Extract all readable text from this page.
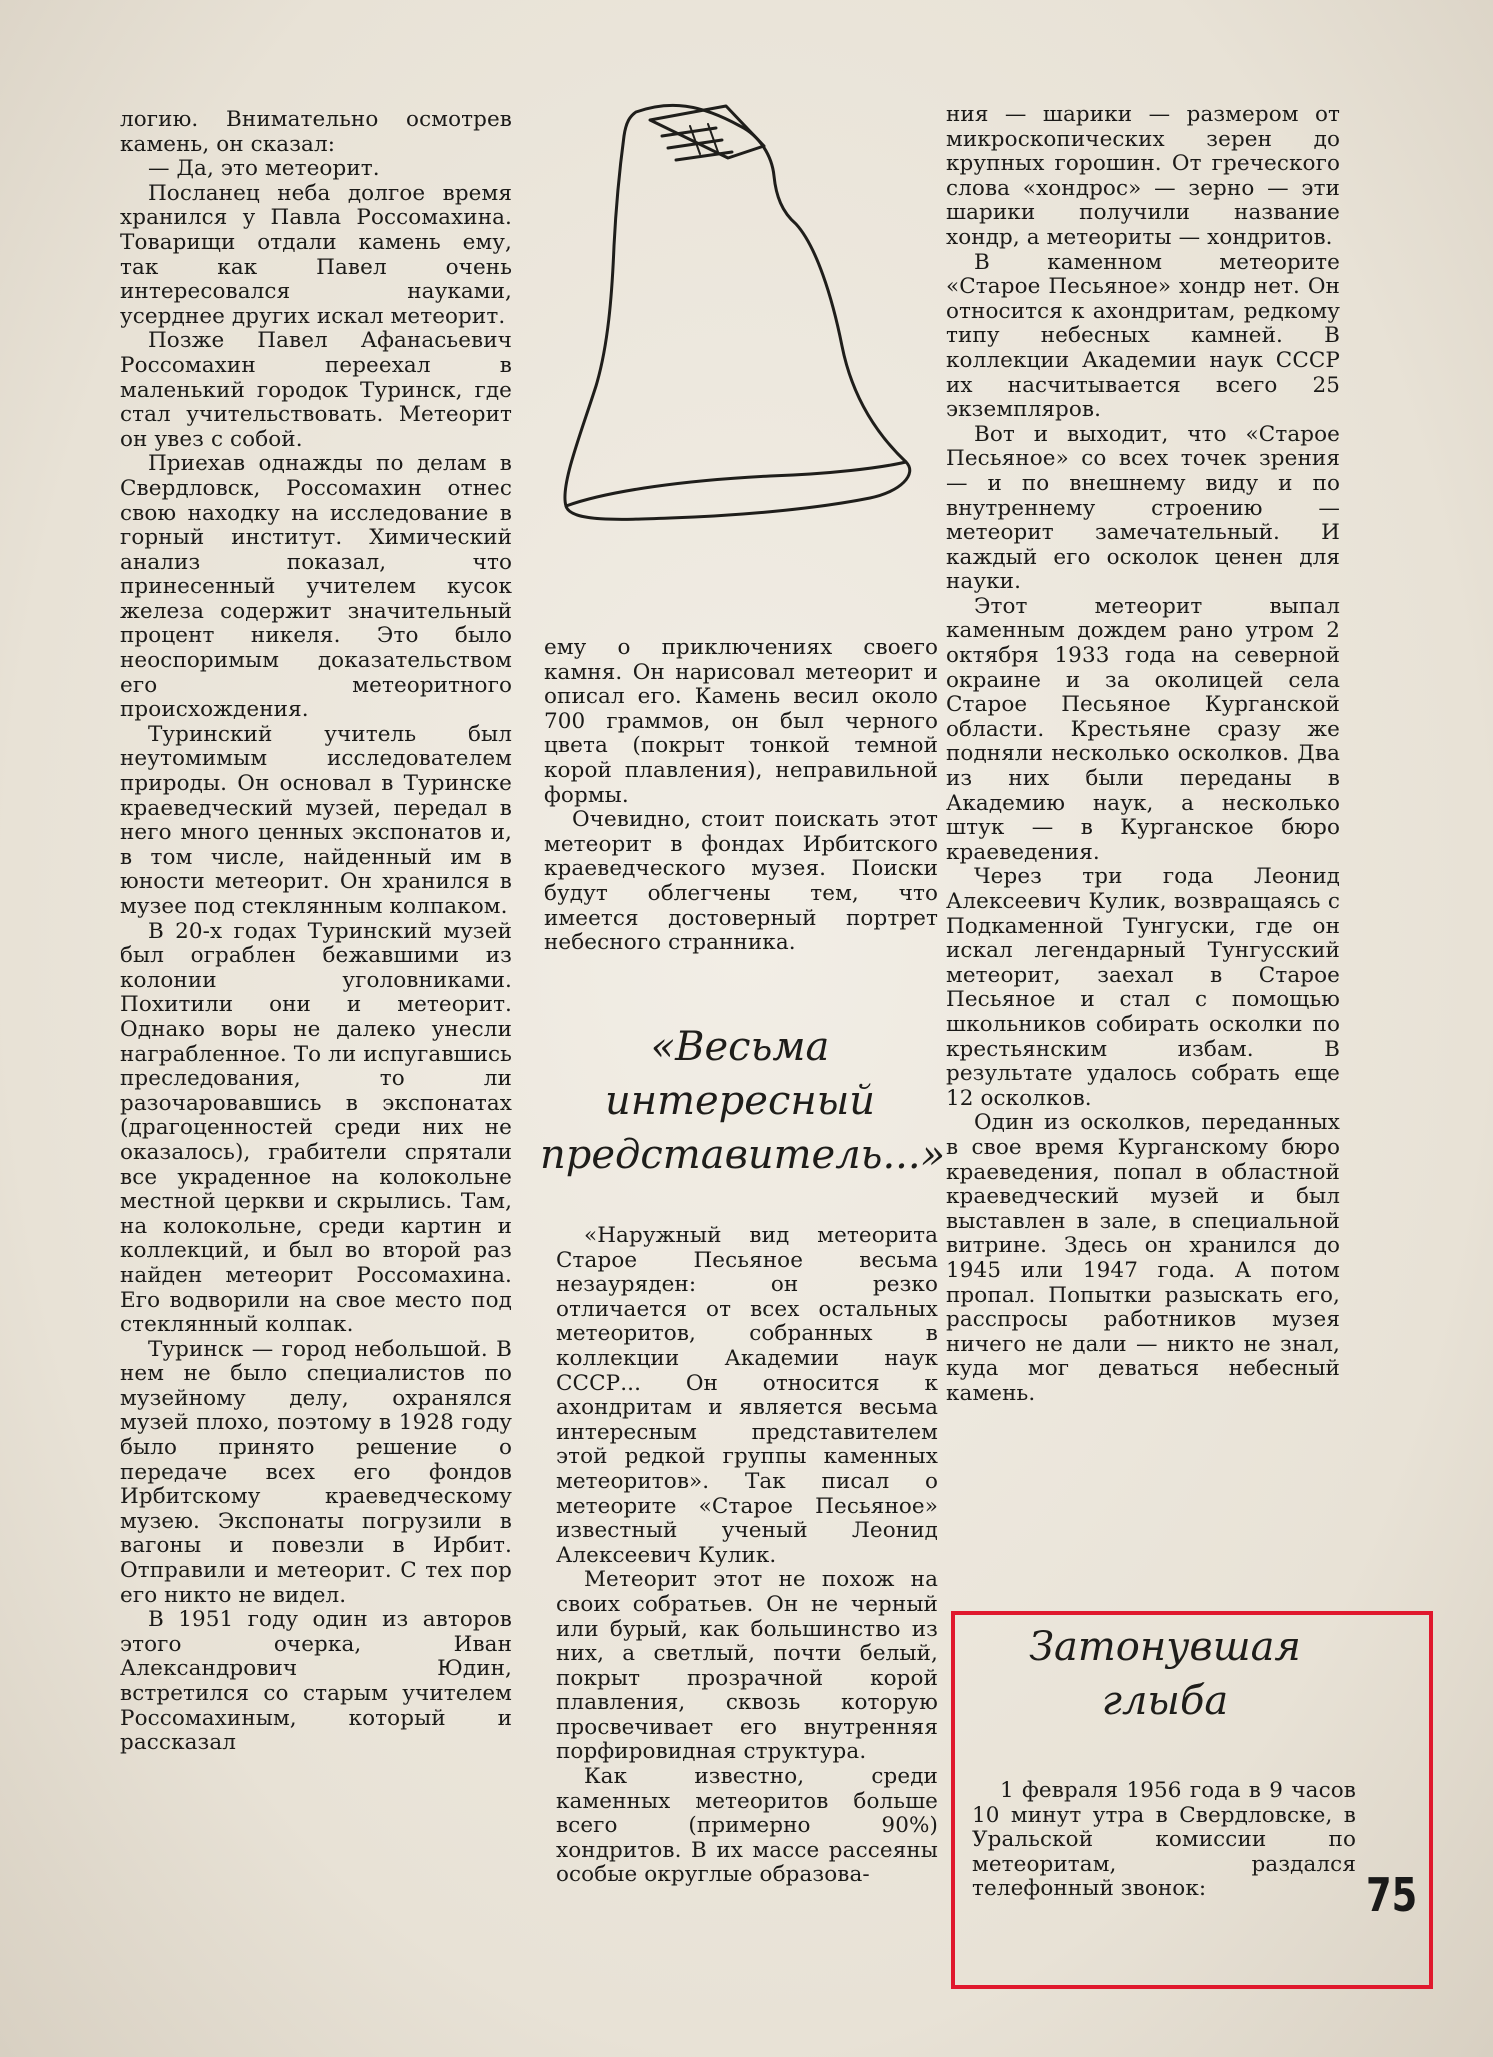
логию. Внимательно осмотрев камень, он сказал:

— Да, это метеорит.

Посланец неба долгое время хранился у Павла Россомахина. Товарищи отдали камень ему, так как Павел очень интересовался науками, усерднее других искал метеорит.

Позже Павел Афанасьевич Россомахин переехал в маленький городок Туринск, где стал учительствовать. Метеорит он увез с собой.

Приехав однажды по делам в Свердловск, Россомахин отнес свою находку на исследование в горный институт. Химический анализ показал, что принесенный учителем кусок железа содержит значительный процент никеля. Это было неоспоримым доказательством его метеоритного происхождения.

Туринский учитель был неутомимым исследователем природы. Он основал в Туринске краеведческий музей, передал в него много ценных экспонатов и, в том числе, найденный им в юности метеорит. Он хранился в музее под стеклянным колпаком.

В 20-х годах Туринский музей был ограблен бежавшими из колонии уголовниками. Похитили они и метеорит. Однако воры не далеко унесли награбленное. То ли испугавшись преследования, то ли разочаровавшись в экспонатах (драгоценностей среди них не оказалось), грабители спрятали все украденное на колокольне местной церкви и скрылись. Там, на колокольне, среди картин и коллекций, и был во второй раз найден метеорит Россомахина. Его водворили на свое место под стеклянный колпак.

Туринск — город небольшой. В нем не было специалистов по музейному делу, охранялся музей плохо, поэтому в 1928 году было принято решение о передаче всех его фондов Ирбитскому краеведческому музею. Экспонаты погрузили в вагоны и повезли в Ирбит. Отправили и метеорит. С тех пор его никто не видел.

В 1951 году один из авторов этого очерка, Иван Александрович Юдин, встретился со старым учителем Россомахиным, который и рассказал

ему о приключениях своего камня. Он нарисовал метеорит и описал его. Камень весил около 700 граммов, он был черного цвета (покрыт тонкой темной корой плавления), неправильной формы.

Очевидно, стоит поискать этот метеорит в фондах Ирбитского краеведческого музея. Поиски будут облегчены тем, что имеется достоверный портрет небесного странника.

«Весьма
интересный
представитель...»

«Наружный вид метеорита Старое Песьяное весьма незауряден: он резко отличается от всех остальных метеоритов, собранных в коллекции Академии наук СССР... Он относится к ахондритам и является весьма интересным представителем этой редкой группы каменных метеоритов». Так писал о метеорите «Старое Песьяное» известный ученый Леонид Алексеевич Кулик.

Метеорит этот не похож на своих собратьев. Он не черный или бурый, как большинство из них, а светлый, почти белый, покрыт прозрачной корой плавления, сквозь которую просвечивает его внутренняя порфировидная структура.

Как известно, среди каменных метеоритов больше всего (примерно 90%) хондритов. В их массе рассеяны особые округлые образова-

ния — шарики — размером от микроскопических зерен до крупных горошин. От греческого слова «хондрос» — зерно — эти шарики получили название хондр, а метеориты — хондритов.

В каменном метеорите «Старое Песьяное» хондр нет. Он относится к ахондритам, редкому типу небесных камней. В коллекции Академии наук СССР их насчитывается всего 25 экземпляров.

Вот и выходит, что «Старое Песьяное» со всех точек зрения — и по внешнему виду и по внутреннему строению — метеорит замечательный. И каждый его осколок ценен для науки.

Этот метеорит выпал каменным дождем рано утром 2 октября 1933 года на северной окраине и за околицей села Старое Песьяное Курганской области. Крестьяне сразу же подняли несколько осколков. Два из них были переданы в Академию наук, а несколько штук — в Курганское бюро краеведения.

Через три года Леонид Алексеевич Кулик, возвращаясь с Подкаменной Тунгуски, где он искал легендарный Тунгусский метеорит, заехал в Старое Песьяное и стал с помощью школьников собирать осколки по крестьянским избам. В результате удалось собрать еще 12 осколков.

Один из осколков, переданных в свое время Курганскому бюро краеведения, попал в областной краеведческий музей и был выставлен в зале, в специальной витрине. Здесь он хранился до 1945 или 1947 года. А потом пропал. Попытки разыскать его, расспросы работников музея ничего не дали — никто не знал, куда мог деваться небесный камень.

Затонувшая
глыба

1 февраля 1956 года в 9 часов 10 минут утра в Свердловске, в Уральской комиссии по метеоритам, раздался телефонный звонок:	75
